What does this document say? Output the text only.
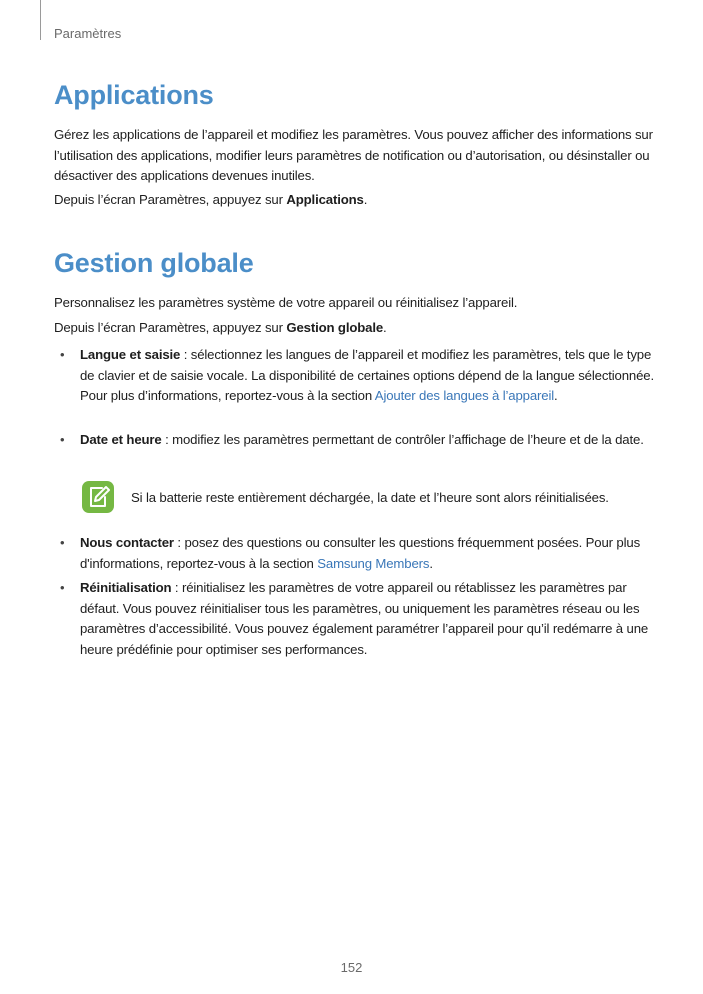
Paramètres
Applications

Gérez les applications de l’appareil et modifiez les paramètres. Vous pouvez afficher des informations sur l’utilisation des applications, modifier leurs paramètres de notification ou d’autorisation, ou désinstaller ou désactiver des applications devenues inutiles.

Depuis l’écran Paramètres, appuyez sur Applications.

Gestion globale

Personnalisez les paramètres système de votre appareil ou réinitialisez l’appareil.

Depuis l’écran Paramètres, appuyez sur Gestion globale.

• Langue et saisie : sélectionnez les langues de l’appareil et modifiez les paramètres, tels que le type de clavier et de saisie vocale. La disponibilité de certaines options dépend de la langue sélectionnée. Pour plus d’informations, reportez-vous à la section Ajouter des langues à l’appareil.
• Date et heure : modifiez les paramètres permettant de contrôler l’affichage de l’heure et de la date.
Si la batterie reste entièrement déchargée, la date et l’heure sont alors réinitialisées.
• Nous contacter : posez des questions ou consulter les questions fréquemment posées. Pour plus d'informations, reportez-vous à la section Samsung Members.
• Réinitialisation : réinitialisez les paramètres de votre appareil ou rétablissez les paramètres par défaut. Vous pouvez réinitialiser tous les paramètres, ou uniquement les paramètres réseau ou les paramètres d’accessibilité. Vous pouvez également paramétrer l’appareil pour qu’il redémarre à une heure prédéfinie pour optimiser ses performances.
152
